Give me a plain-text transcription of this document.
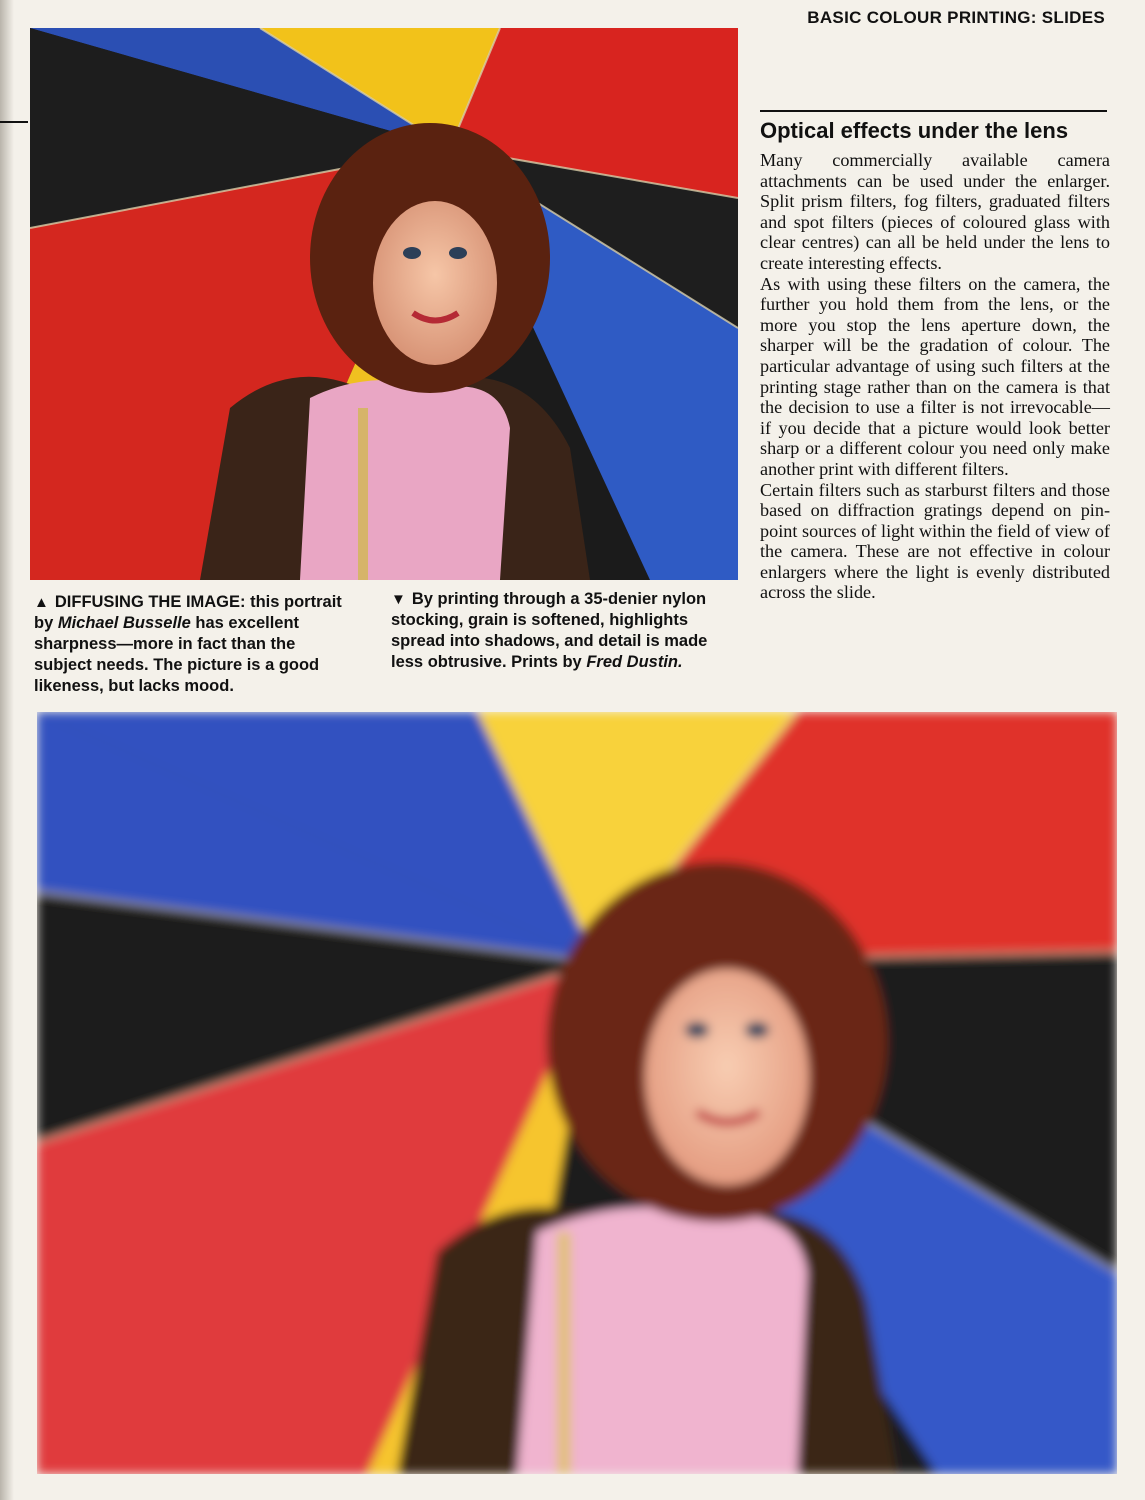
BASIC COLOUR PRINTING: SLIDES
▲ DIFFUSING THE IMAGE: this portrait by Michael Busselle has excellent sharpness—more in fact than the subject needs. The picture is a good likeness, but lacks mood.
▼ By printing through a 35-denier nylon stocking, grain is softened, highlights spread into shadows, and detail is made less obtrusive. Prints by Fred Dustin.
Optical effects under the lens

Many commercially available camera attachments can be used under the enlarger. Split prism filters, fog filters, graduated filters and spot filters (pieces of coloured glass with clear centres) can all be held under the lens to create interesting effects.

As with using these filters on the camera, the further you hold them from the lens, or the more you stop the lens aperture down, the sharper will be the gradation of colour. The particular advantage of using such filters at the printing stage rather than on the camera is that the decision to use a filter is not irrevocable— if you decide that a picture would look better sharp or a different colour you need only make another print with different filters.

Certain filters such as starburst filters and those based on diffraction gratings depend on pin-point sources of light within the field of view of the camera. These are not effective in colour enlargers where the light is evenly distributed across the slide.
